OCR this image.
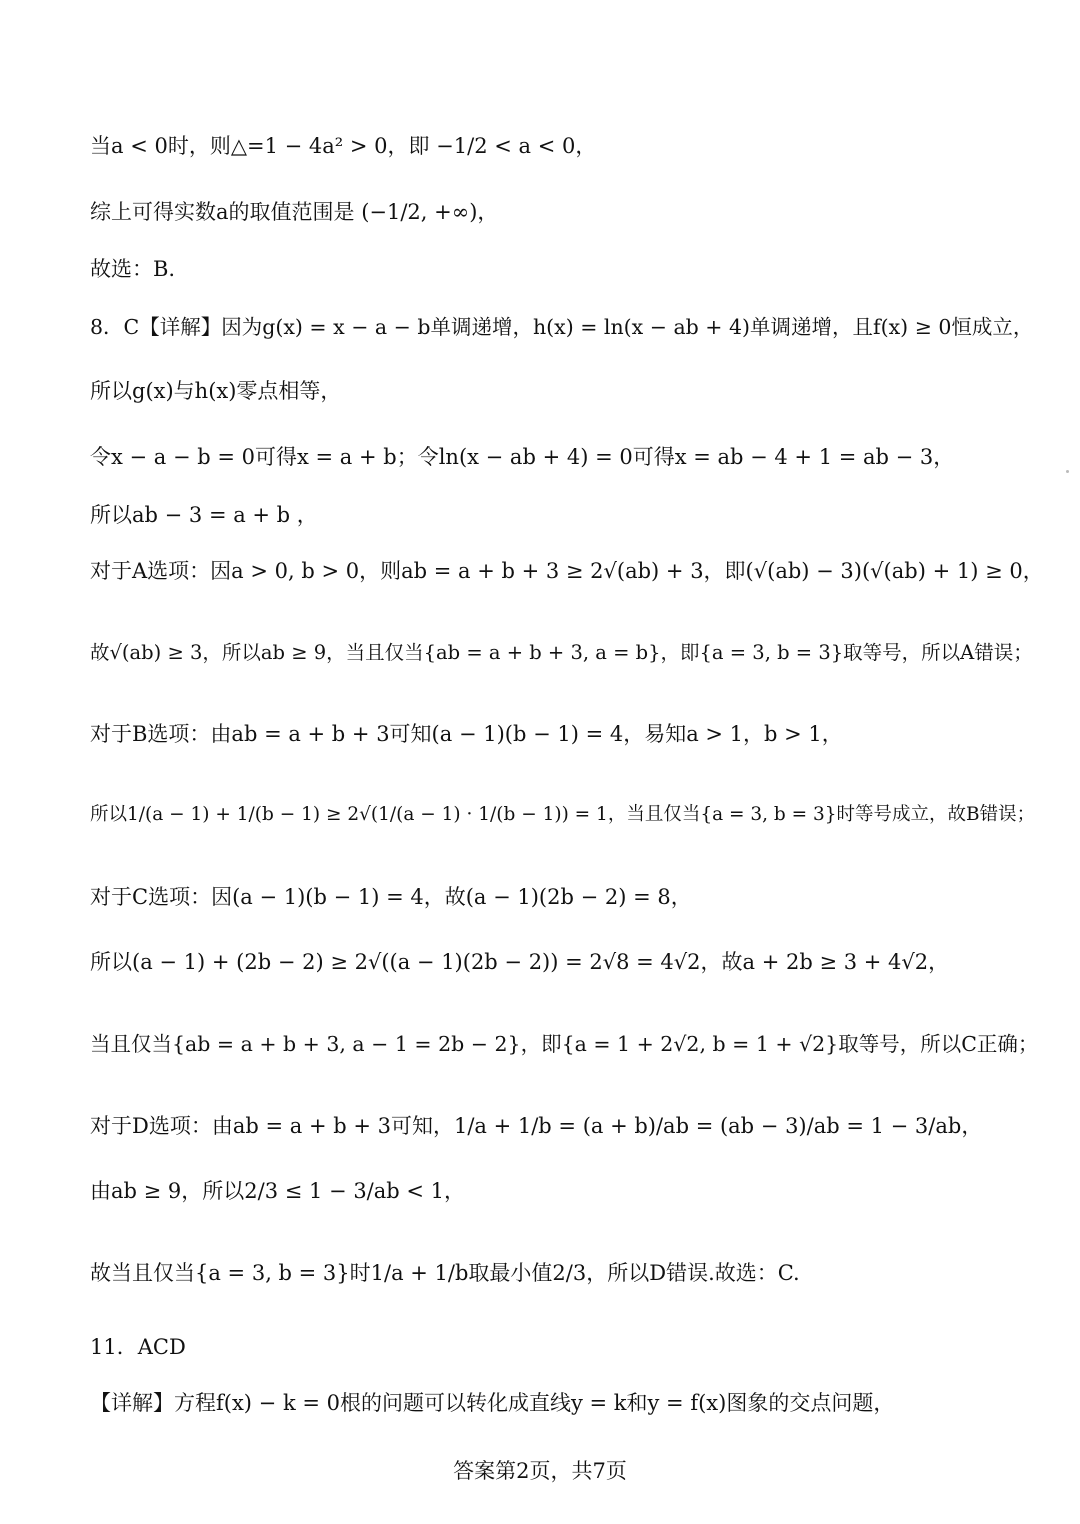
当a < 0时，则△=1 − 4a² > 0，即 −1/2 < a < 0，
综上可得实数a的取值范围是 (−1/2, +∞)，
故选：B.
8．C【详解】因为g(x) = x − a − b单调递增，h(x) = ln(x − ab + 4)单调递增，且f(x) ≥ 0恒成立，
所以g(x)与h(x)零点相等，
令x − a − b = 0可得x = a + b；令ln(x − ab + 4) = 0可得x = ab − 4 + 1 = ab − 3，
所以ab − 3 = a + b ，
对于A选项：因a > 0, b > 0，则ab = a + b + 3 ≥ 2√(ab) + 3，即(√(ab) − 3)(√(ab) + 1) ≥ 0，
故√(ab) ≥ 3，所以ab ≥ 9，当且仅当{ab = a + b + 3, a = b}，即{a = 3, b = 3}取等号，所以A错误；
对于B选项：由ab = a + b + 3可知(a − 1)(b − 1) = 4，易知a > 1，b > 1，
所以1/(a − 1) + 1/(b − 1) ≥ 2√(1/(a − 1) · 1/(b − 1)) = 1，当且仅当{a = 3, b = 3}时等号成立，故B错误；
对于C选项：因(a − 1)(b − 1) = 4，故(a − 1)(2b − 2) = 8，
所以(a − 1) + (2b − 2) ≥ 2√((a − 1)(2b − 2)) = 2√8 = 4√2，故a + 2b ≥ 3 + 4√2，
当且仅当{ab = a + b + 3, a − 1 = 2b − 2}，即{a = 1 + 2√2, b = 1 + √2}取等号，所以C正确；
对于D选项：由ab = a + b + 3可知，1/a + 1/b = (a + b)/ab = (ab − 3)/ab = 1 − 3/ab，
由ab ≥ 9，所以2/3 ≤ 1 − 3/ab < 1，
故当且仅当{a = 3, b = 3}时1/a + 1/b取最小值2/3，所以D错误.故选：C.
11．ACD
【详解】方程f(x) − k = 0根的问题可以转化成直线y = k和y = f(x)图象的交点问题，
答案第2页，共7页
